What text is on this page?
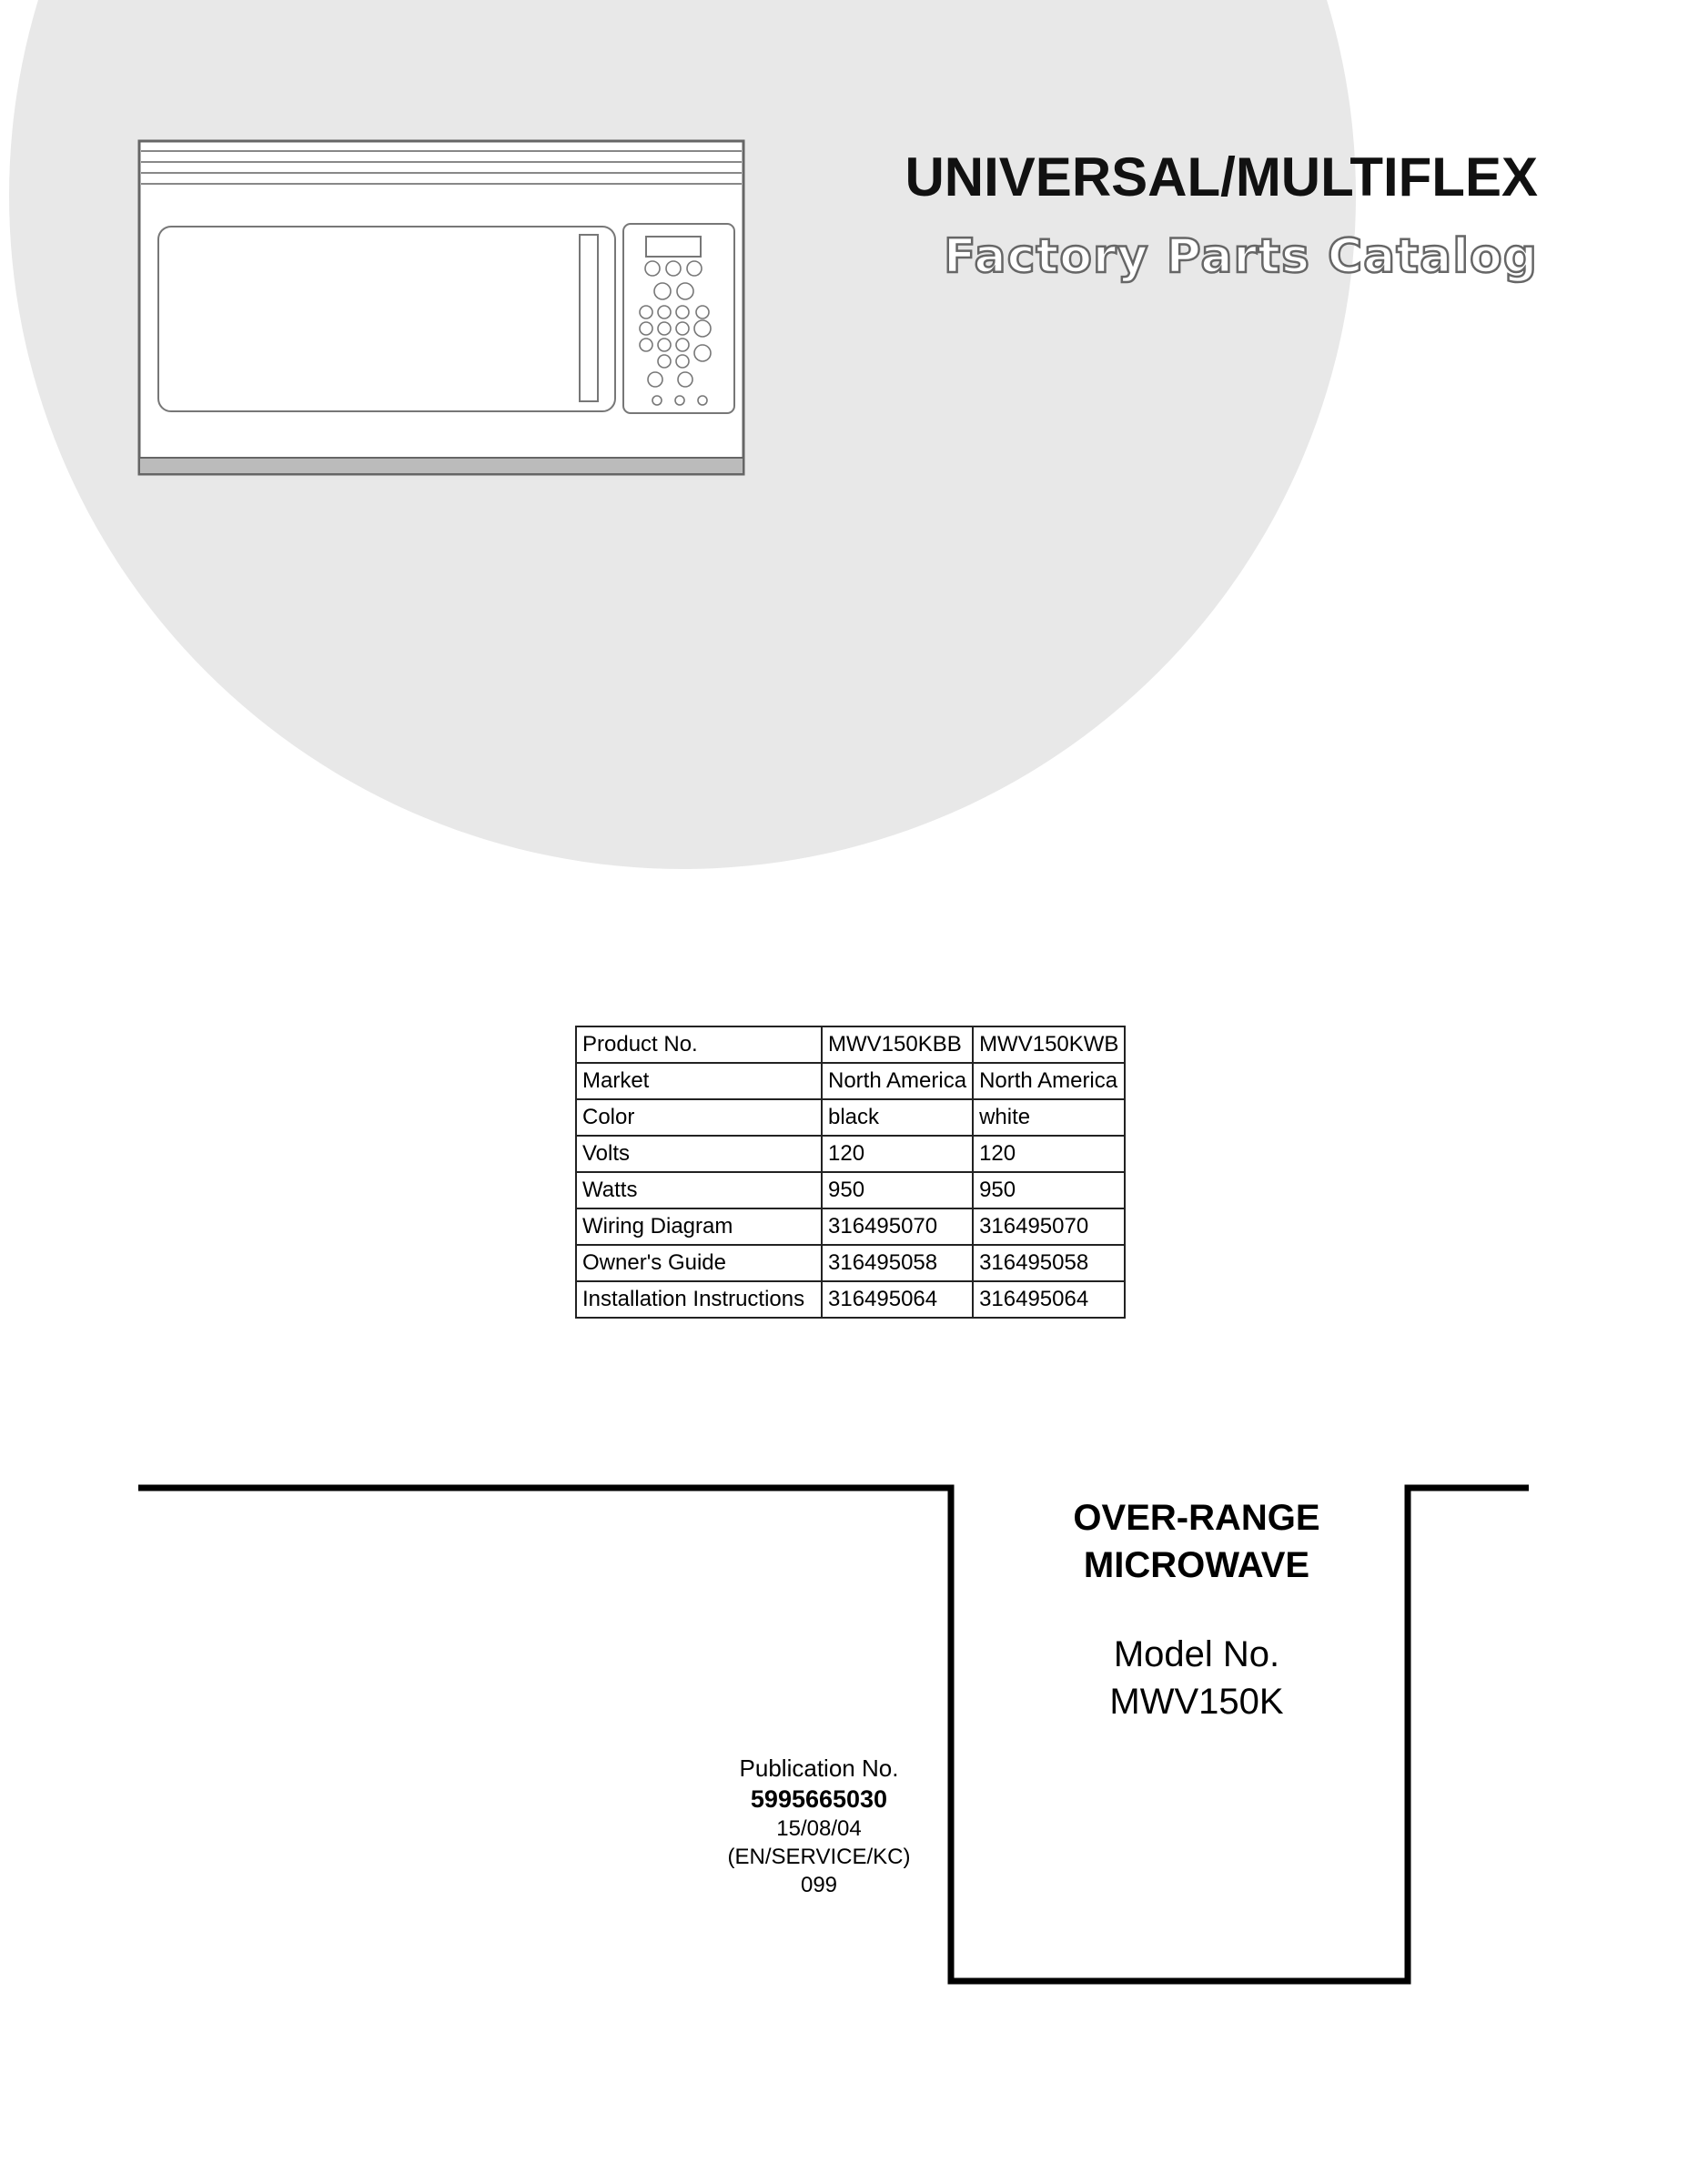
UNIVERSAL/MULTIFLEX
Factory Parts Catalog
Product No.	MWV150KBB	MWV150KWB
Market	North America	North America
Color	black	white
Volts	120	120
Watts	950	950
Wiring Diagram	316495070	316495070
Owner's Guide	316495058	316495058
Installation Instructions	316495064	316495064
OVER-RANGE
MICROWAVE
Model No.
MWV150K
Publication No.
5995665030
15/08/04
(EN/SERVICE/KC)
099
